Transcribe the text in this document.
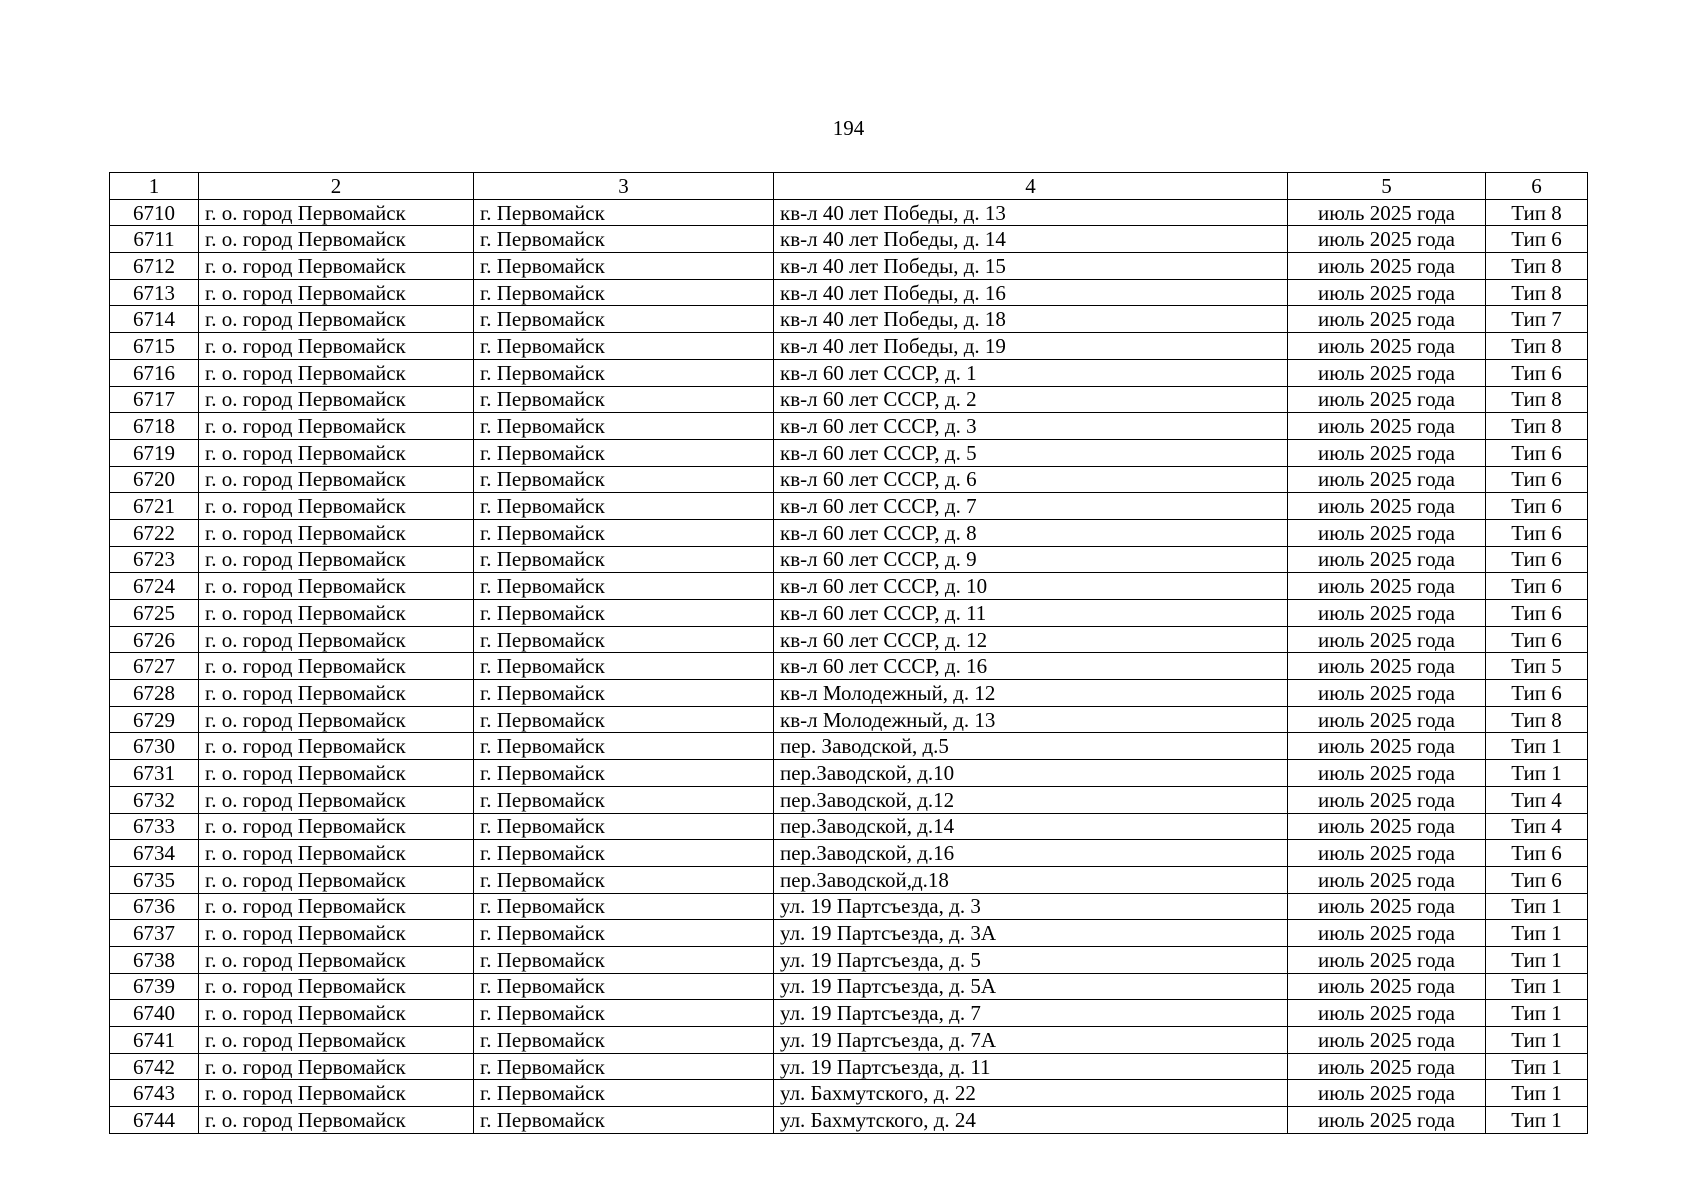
194
1	2	3	4	5	6
6710	г. о. город Первомайск	г. Первомайск	кв-л 40 лет Победы, д. 13	июль 2025 года	Тип 8
6711	г. о. город Первомайск	г. Первомайск	кв-л 40 лет Победы, д. 14	июль 2025 года	Тип 6
6712	г. о. город Первомайск	г. Первомайск	кв-л 40 лет Победы, д. 15	июль 2025 года	Тип 8
6713	г. о. город Первомайск	г. Первомайск	кв-л 40 лет Победы, д. 16	июль 2025 года	Тип 8
6714	г. о. город Первомайск	г. Первомайск	кв-л 40 лет Победы, д. 18	июль 2025 года	Тип 7
6715	г. о. город Первомайск	г. Первомайск	кв-л 40 лет Победы, д. 19	июль 2025 года	Тип 8
6716	г. о. город Первомайск	г. Первомайск	кв-л 60 лет СССР, д. 1	июль 2025 года	Тип 6
6717	г. о. город Первомайск	г. Первомайск	кв-л 60 лет СССР, д. 2	июль 2025 года	Тип 8
6718	г. о. город Первомайск	г. Первомайск	кв-л 60 лет СССР, д. 3	июль 2025 года	Тип 8
6719	г. о. город Первомайск	г. Первомайск	кв-л 60 лет СССР, д. 5	июль 2025 года	Тип 6
6720	г. о. город Первомайск	г. Первомайск	кв-л 60 лет СССР, д. 6	июль 2025 года	Тип 6
6721	г. о. город Первомайск	г. Первомайск	кв-л 60 лет СССР, д. 7	июль 2025 года	Тип 6
6722	г. о. город Первомайск	г. Первомайск	кв-л 60 лет СССР, д. 8	июль 2025 года	Тип 6
6723	г. о. город Первомайск	г. Первомайск	кв-л 60 лет СССР, д. 9	июль 2025 года	Тип 6
6724	г. о. город Первомайск	г. Первомайск	кв-л 60 лет СССР, д. 10	июль 2025 года	Тип 6
6725	г. о. город Первомайск	г. Первомайск	кв-л 60 лет СССР, д. 11	июль 2025 года	Тип 6
6726	г. о. город Первомайск	г. Первомайск	кв-л 60 лет СССР, д. 12	июль 2025 года	Тип 6
6727	г. о. город Первомайск	г. Первомайск	кв-л 60 лет СССР, д. 16	июль 2025 года	Тип 5
6728	г. о. город Первомайск	г. Первомайск	кв-л Молодежный, д. 12	июль 2025 года	Тип 6
6729	г. о. город Первомайск	г. Первомайск	кв-л Молодежный, д. 13	июль 2025 года	Тип 8
6730	г. о. город Первомайск	г. Первомайск	пер. Заводской, д.5	июль 2025 года	Тип 1
6731	г. о. город Первомайск	г. Первомайск	пер.Заводской, д.10	июль 2025 года	Тип 1
6732	г. о. город Первомайск	г. Первомайск	пер.Заводской, д.12	июль 2025 года	Тип 4
6733	г. о. город Первомайск	г. Первомайск	пер.Заводской, д.14	июль 2025 года	Тип 4
6734	г. о. город Первомайск	г. Первомайск	пер.Заводской, д.16	июль 2025 года	Тип 6
6735	г. о. город Первомайск	г. Первомайск	пер.Заводской,д.18	июль 2025 года	Тип 6
6736	г. о. город Первомайск	г. Первомайск	ул. 19 Партсъезда, д. 3	июль 2025 года	Тип 1
6737	г. о. город Первомайск	г. Первомайск	ул. 19 Партсъезда, д. 3А	июль 2025 года	Тип 1
6738	г. о. город Первомайск	г. Первомайск	ул. 19 Партсъезда, д. 5	июль 2025 года	Тип 1
6739	г. о. город Первомайск	г. Первомайск	ул. 19 Партсъезда, д. 5А	июль 2025 года	Тип 1
6740	г. о. город Первомайск	г. Первомайск	ул. 19 Партсъезда, д. 7	июль 2025 года	Тип 1
6741	г. о. город Первомайск	г. Первомайск	ул. 19 Партсъезда, д. 7А	июль 2025 года	Тип 1
6742	г. о. город Первомайск	г. Первомайск	ул. 19 Партсъезда, д. 11	июль 2025 года	Тип 1
6743	г. о. город Первомайск	г. Первомайск	ул. Бахмутского, д. 22	июль 2025 года	Тип 1
6744	г. о. город Первомайск	г. Первомайск	ул. Бахмутского, д. 24	июль 2025 года	Тип 1
